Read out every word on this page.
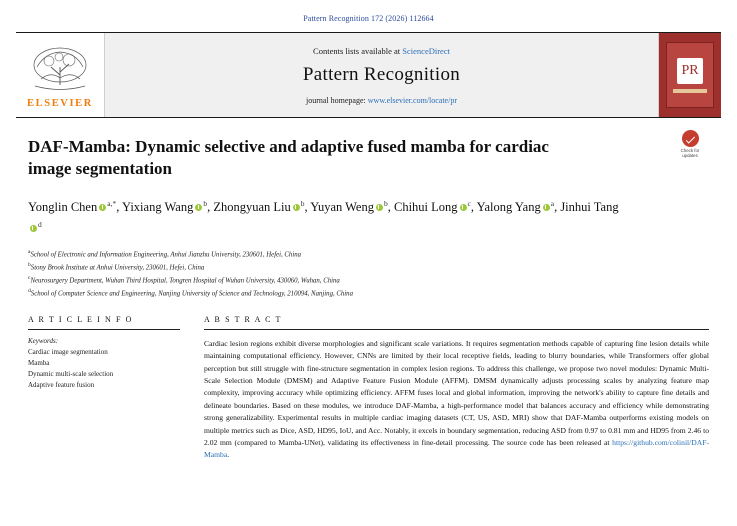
Pattern Recognition 172 (2026) 112664
ELSEVIER
Contents lists available at ScienceDirect
Pattern Recognition
journal homepage: www.elsevier.com/locate/pr
PR
Check for
updates
DAF-Mamba: Dynamic selective and adaptive fused mamba for cardiac image segmentation
Yonglin Chen $^{a,*}$, Yixiang Wang $^b$, Zhongyuan Liu $^b$, Yuyan Weng $^b$, Chihui Long $^c$, Yalong Yang $^a$, Jinhui Tang$^d$
$^a$School of Electronic and Information Engineering, Anhui Jianzhu University, 230601, Hefei, China
$^b$Stony Brook Institute at Anhui University, 230601, Hefei, China
$^c$Neurosurgery Department, Wuhan Third Hospital, Tongren Hospital of Wuhan University, 430060, Wuhan, China
$^d$School of Computer Science and Engineering, Nanjing University of Science and Technology, 210094, Nanjing, China
A R T I C L E I N F O
Keywords:
Cardiac image segmentation
Mamba
Dynamic multi-scale selection
Adaptive feature fusion
A B S T R A C T

Cardiac lesion regions exhibit diverse morphologies and significant scale variations. It requires segmentation methods capable of capturing fine lesion details while maintaining computational efficiency. However, CNNs are limited by their local receptive fields, leading to blurry boundaries, while Transformers offer global perception but still struggle with fine-structure segmentation in complex lesion regions. To address this challenge, we propose two novel modules: Dynamic Multi-Scale Selection Module (DMSM) and Adaptive Feature Fusion Module (AFFM). DMSM dynamically adjusts processing scales by analyzing feature map complexity, improving accuracy while optimizing efficiency. AFFM fuses local and global information, improving the network's ability to capture fine details and delineate boundaries. Based on these modules, we introduce DAF-Mamba, a high-performance model that balances accuracy and efficiency while demonstrating strong generalizability. Experimental results in multiple cardiac imaging datasets (CT, US, ASD, MRI) show that DAF-Mamba outperforms existing models on multiple metrics such as Dice, ASD, HD95, IoU, and Acc. Notably, it excels in boundary segmentation, reducing ASD from 0.97 to 0.81 mm and HD95 from 2.46 to 2.02 mm (compared to Mamba-UNet), validating its effectiveness in fine-detail processing. The source code has been released at https://github.com/colinil/DAF-Mamba.
